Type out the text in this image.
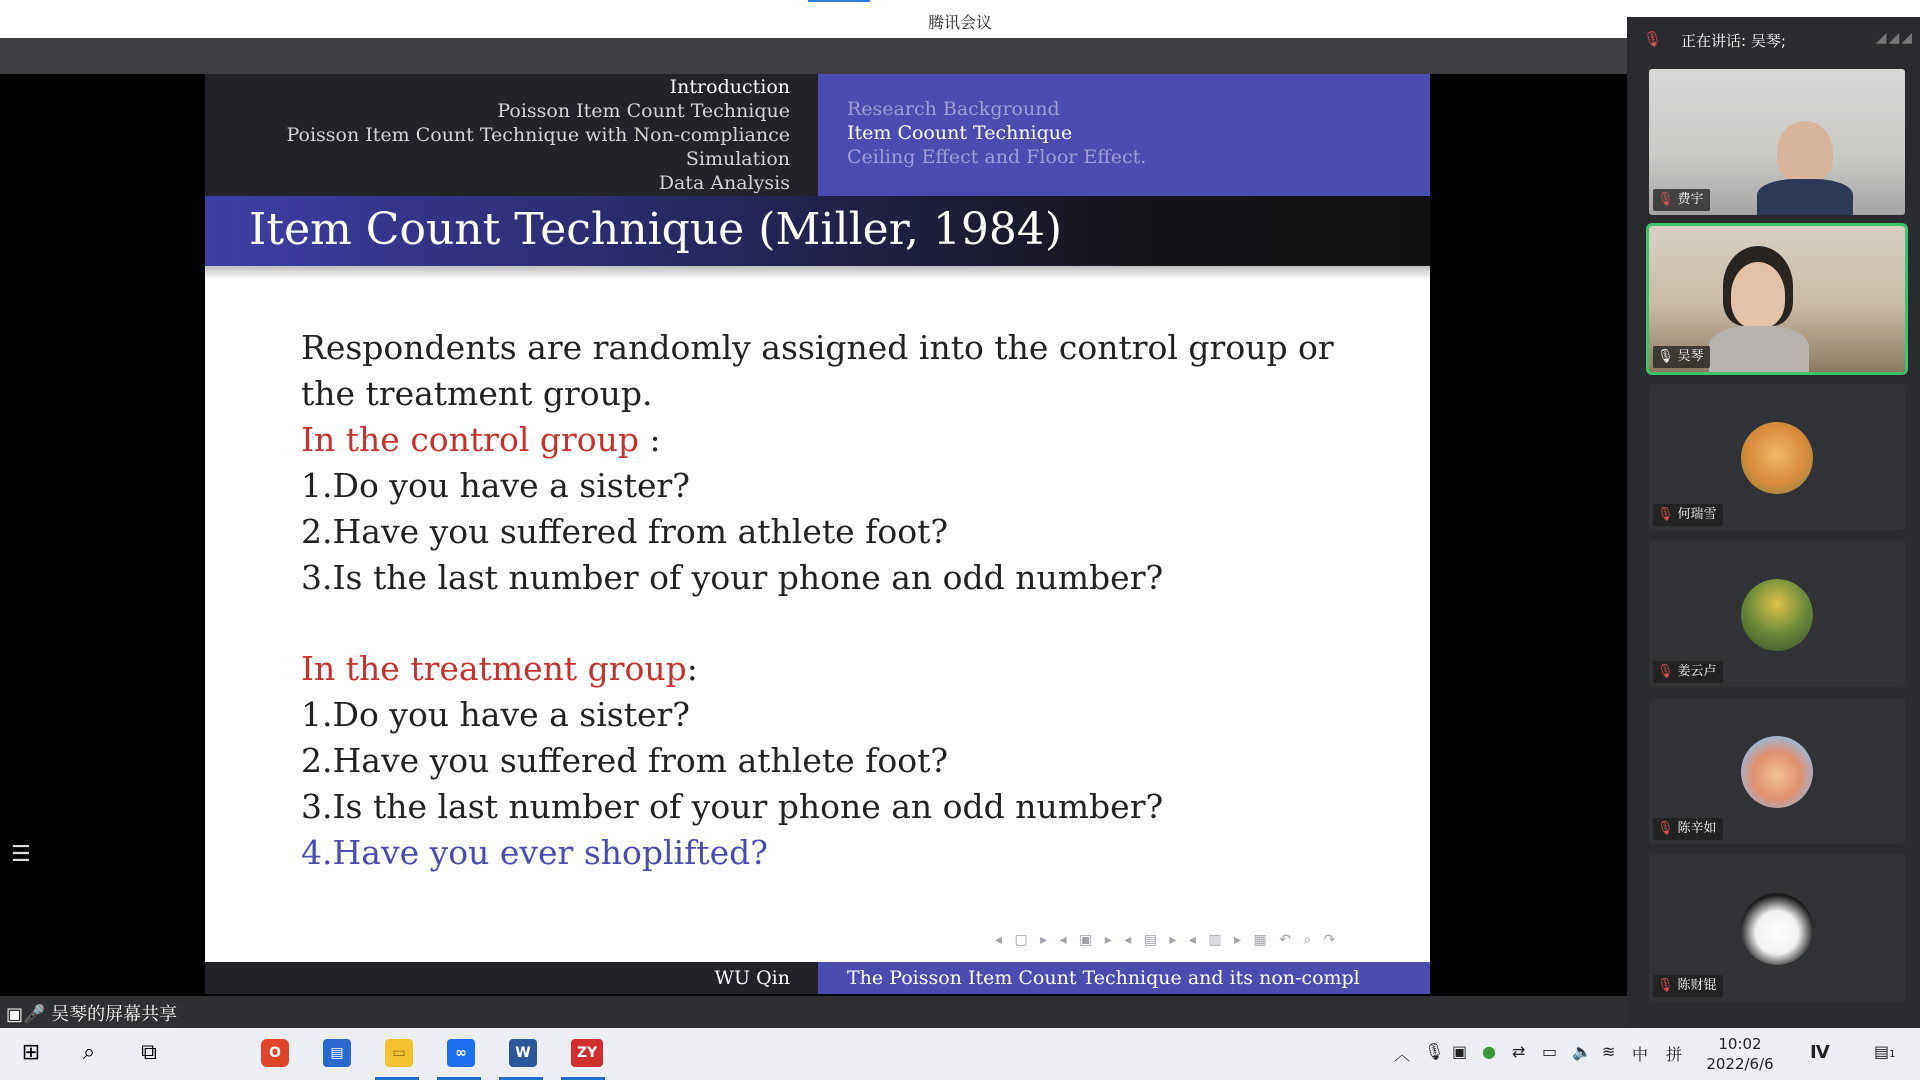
腾讯会议
Introduction
Poisson Item Count Technique
Poisson Item Count Technique with Non-compliance
Simulation
Data Analysis
Research Background
Item Coount Technique
Ceiling Effect and Floor Effect.
Item Count Technique (Miller, 1984)
Respondents are randomly assigned into the control group or
the treatment group.
In the control group :
1.Do you have a sister?
2.Have you suffered from athlete foot?
3.Is the last number of your phone an odd number?
In the treatment group:
1.Do you have a sister?
2.Have you suffered from athlete foot?
3.Is the last number of your phone an odd number?
4.Have you ever shoplifted?
◂ ▢ ▸ ◂ ▣ ▸ ◂ ▤ ▸ ◂ ▥ ▸ ▦ ↶ ⌕ ↷
WU Qin	The Poisson Item Count Technique and its non-compl
☰
▣🎤 吴琴的屏幕共享
🎙 正在讲话: 吴琴;	◢◢◢
🎙 费宇
🎙 吴琴
🎙 何瑞雪
🎙 姜云卢
🎙 陈辛如
🎙 陈财锟
⊞	⌕	⧉	O	▤	▭	∞	W	ZY	︿ 🎙 ▣ ● ⇄ ▭ 🔈 ≋ 中 拼
10:02
2022/6/6
Ⅳ	▤1
